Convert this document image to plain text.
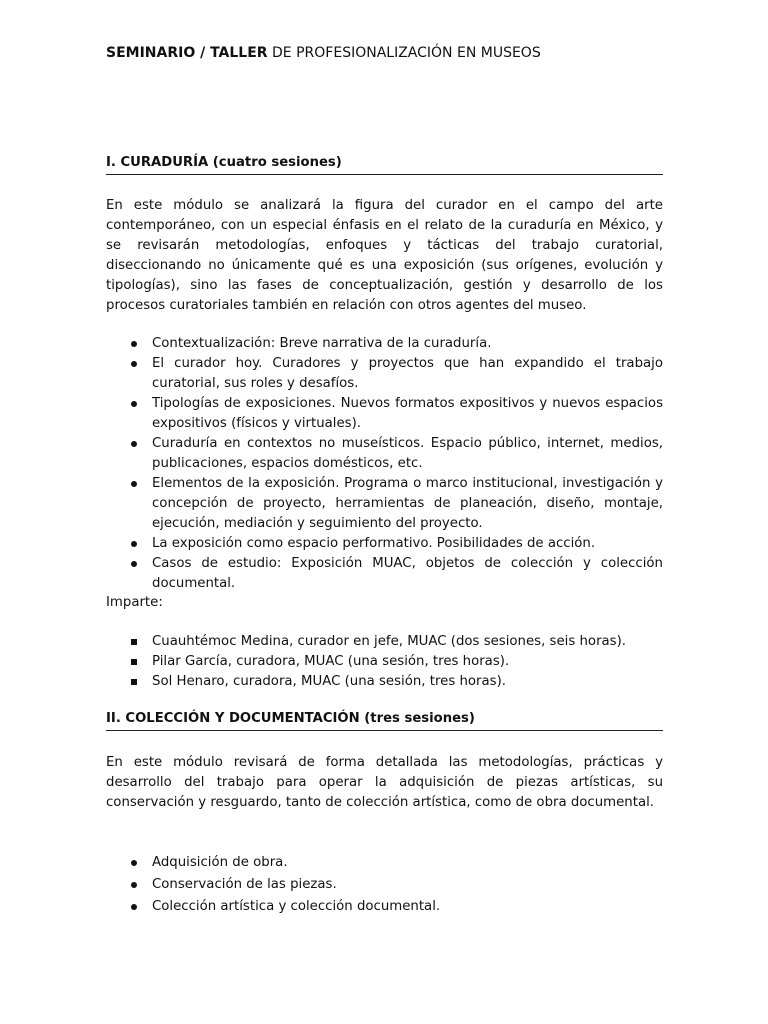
SEMINARIO / TALLER DE PROFESIONALIZACIÓN EN MUSEOS
I. CURADURÍA (cuatro sesiones)
En este módulo se analizará la figura del curador en el campo del arte contemporáneo, con un especial énfasis en el relato de la curaduría en México, y se revisarán metodologías, enfoques y tácticas del trabajo curatorial, diseccionando no únicamente qué es una exposición (sus orígenes, evolución y tipologías), sino las fases de conceptualización, gestión y desarrollo de los procesos curatoriales también en relación con otros agentes del museo.
Contextualización: Breve narrativa de la curaduría.
El curador hoy. Curadores y proyectos que han expandido el trabajo curatorial, sus roles y desafíos.
Tipologías de exposiciones. Nuevos formatos expositivos y nuevos espacios expositivos (físicos y virtuales).
Curaduría en contextos no museísticos. Espacio público, internet, medios, publicaciones, espacios domésticos, etc.
Elementos de la exposición. Programa o marco institucional, investigación y concepción de proyecto, herramientas de planeación, diseño, montaje, ejecución, mediación y seguimiento del proyecto.
La exposición como espacio performativo. Posibilidades de acción.
Casos de estudio: Exposición MUAC, objetos de colección y colección documental.
Imparte:
Cuauhtémoc Medina, curador en jefe, MUAC (dos sesiones, seis horas).
Pilar García, curadora, MUAC (una sesión, tres horas).
Sol Henaro, curadora, MUAC (una sesión, tres horas).
II. COLECCIÓN Y DOCUMENTACIÓN (tres sesiones)
En este módulo revisará de forma detallada las metodologías, prácticas y desarrollo del trabajo para operar la adquisición de piezas artísticas, su conservación y resguardo, tanto de colección artística, como de obra documental.
Adquisición de obra.
Conservación de las piezas.
Colección artística y colección documental.
